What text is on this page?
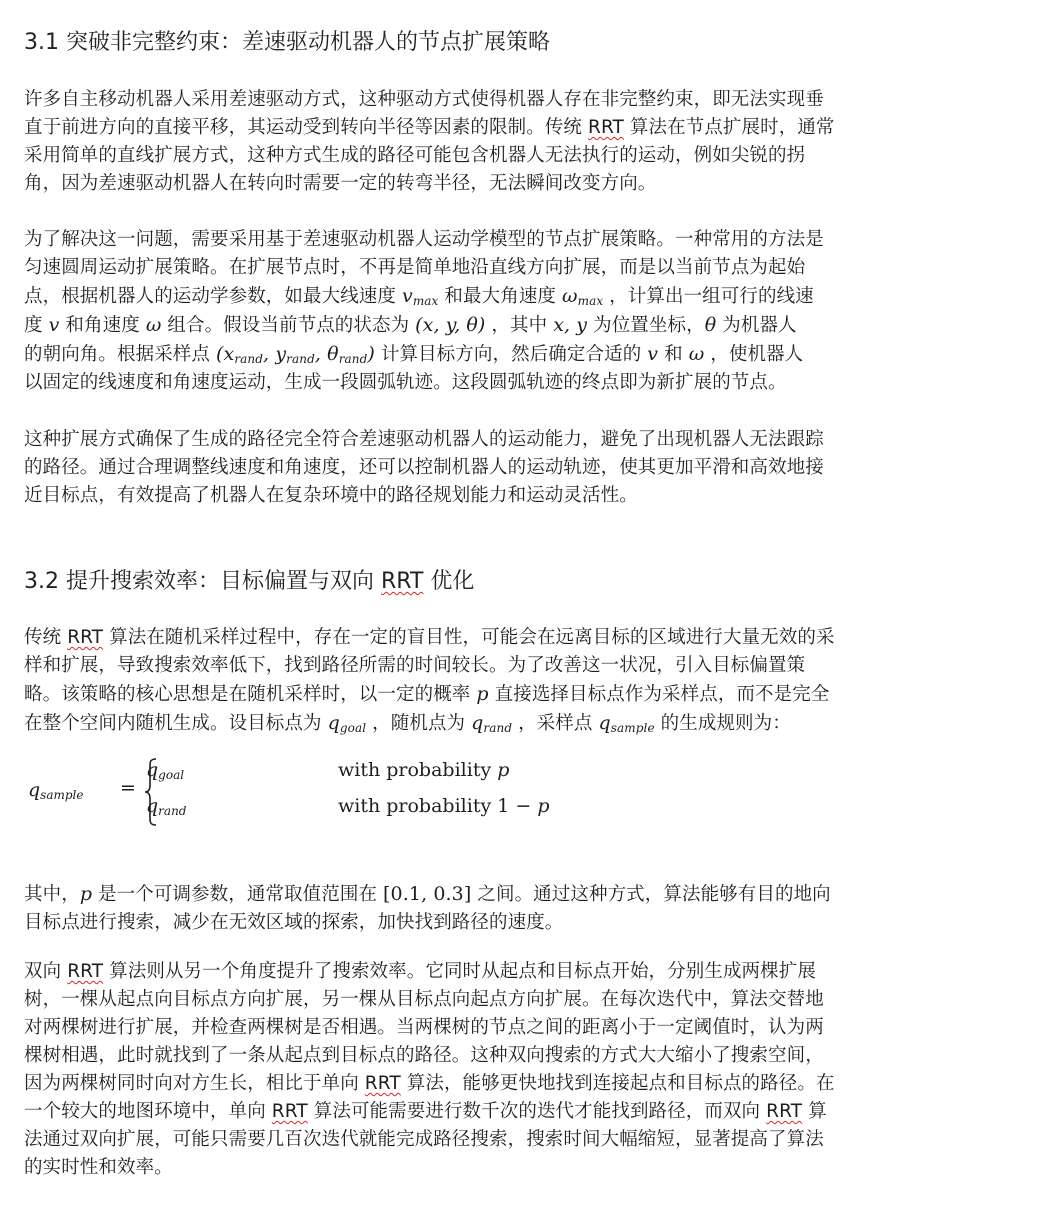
3.1 突破非完整约束：差速驱动机器人的节点扩展策略

许多自主移动机器人采用差速驱动方式，这种驱动方式使得机器人存在非完整约束，即无法实现垂
直于前进方向的直接平移，其运动受到转向半径等因素的限制。传统 RRT 算法在节点扩展时，通常
采用简单的直线扩展方式，这种方式生成的路径可能包含机器人无法执行的运动，例如尖锐的拐
角，因为差速驱动机器人在转向时需要一定的转弯半径，无法瞬间改变方向。

为了解决这一问题，需要采用基于差速驱动机器人运动学模型的节点扩展策略。一种常用的方法是
匀速圆周运动扩展策略。在扩展节点时，不再是简单地沿直线方向扩展，而是以当前节点为起始
点，根据机器人的运动学参数，如最大线速度 $v_{max}$ 和最大角速度 $\omega_{max}$ ，计算出一组可行的线速
度 v 和角速度 ω 组合。假设当前节点的状态为 (x, y, θ) ，其中 x, y 为位置坐标，θ 为机器人
的朝向角。根据采样点 ($x_{rand}$, $y_{rand}$, $\theta_{rand}$) 计算目标方向，然后确定合适的 v 和 ω ，使机器人
以固定的线速度和角速度运动，生成一段圆弧轨迹。这段圆弧轨迹的终点即为新扩展的节点。

这种扩展方式确保了生成的路径完全符合差速驱动机器人的运动能力，避免了出现机器人无法跟踪
的路径。通过合理调整线速度和角速度，还可以控制机器人的运动轨迹，使其更加平滑和高效地接
近目标点，有效提高了机器人在复杂环境中的路径规划能力和运动灵活性。

3.2 提升搜索效率：目标偏置与双向 RRT 优化

传统 RRT 算法在随机采样过程中，存在一定的盲目性，可能会在远离目标的区域进行大量无效的采
样和扩展，导致搜索效率低下，找到路径所需的时间较长。为了改善这一状况，引入目标偏置策
略。该策略的核心思想是在随机采样时，以一定的概率 p 直接选择目标点作为采样点，而不是完全
在整个空间内随机生成。设目标点为 $q_{goal}$ ，随机点为 $q_{rand}$ ，采样点 $q_{sample}$ 的生成规则为：

$q_{sample}$ =
$q_{goal}$	with probability p
$q_{rand}$	with probability 1 − p

其中，p 是一个可调参数，通常取值范围在 [0.1, 0.3] 之间。通过这种方式，算法能够有目的地向
目标点进行搜索，减少在无效区域的探索，加快找到路径的速度。

双向 RRT 算法则从另一个角度提升了搜索效率。它同时从起点和目标点开始，分别生成两棵扩展
树，一棵从起点向目标点方向扩展，另一棵从目标点向起点方向扩展。在每次迭代中，算法交替地
对两棵树进行扩展，并检查两棵树是否相遇。当两棵树的节点之间的距离小于一定阈值时，认为两
棵树相遇，此时就找到了一条从起点到目标点的路径。这种双向搜索的方式大大缩小了搜索空间，
因为两棵树同时向对方生长，相比于单向 RRT 算法，能够更快地找到连接起点和目标点的路径。在
一个较大的地图环境中，单向 RRT 算法可能需要进行数千次的迭代才能找到路径，而双向 RRT 算
法通过双向扩展，可能只需要几百次迭代就能完成路径搜索，搜索时间大幅缩短，显著提高了算法
的实时性和效率。
